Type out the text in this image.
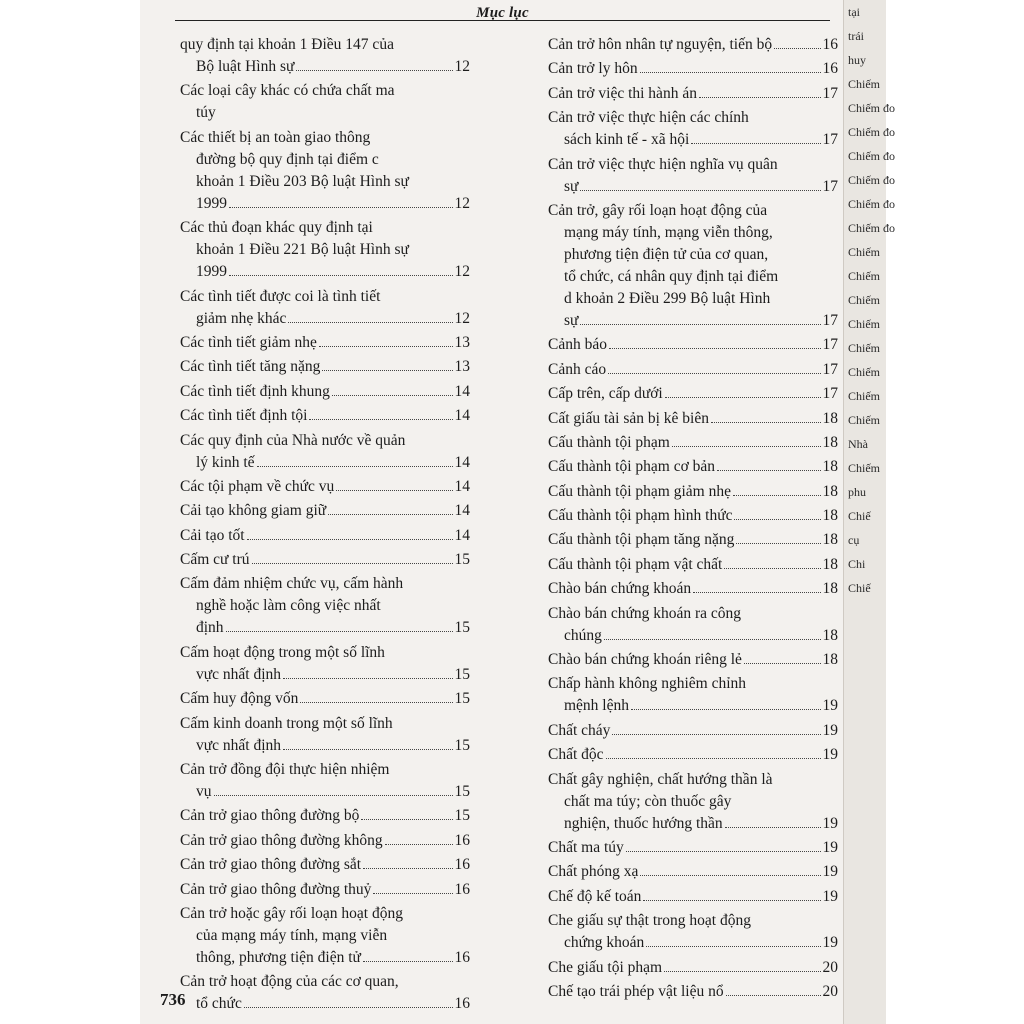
tại
trái
huy
Chiếm
Chiếm đo
Chiếm đo
Chiếm đo
Chiếm đo
Chiếm đo
Chiếm đo
Chiếm
Chiếm
Chiếm
Chiếm
Chiếm
Chiếm
Chiếm
Chiếm
Nhà
Chiếm
phu
Chiế
cụ
Chi
Chiế
Mục lục
quy định tại khoản 1 Điều 147 của
Bộ luật Hình sự	12
Các loại cây khác có chứa chất ma
túy
Các thiết bị an toàn giao thông
đường bộ quy định tại điểm c
khoản 1 Điều 203 Bộ luật Hình sự
1999	12
Các thủ đoạn khác quy định tại
khoản 1 Điều 221 Bộ luật Hình sự
1999	12
Các tình tiết được coi là tình tiết
giảm nhẹ khác	12
Các tình tiết giảm nhẹ	13
Các tình tiết tăng nặng	13
Các tình tiết định khung	14
Các tình tiết định tội	14
Các quy định của Nhà nước về quản
lý kinh tế	14
Các tội phạm về chức vụ	14
Cải tạo không giam giữ	14
Cải tạo tốt	14
Cấm cư trú	15
Cấm đảm nhiệm chức vụ, cấm hành
nghề hoặc làm công việc nhất
định	15
Cấm hoạt động trong một số lĩnh
vực nhất định	15
Cấm huy động vốn	15
Cấm kinh doanh trong một số lĩnh
vực nhất định	15
Cản trở đồng đội thực hiện nhiệm
vụ	15
Cản trở giao thông đường bộ	15
Cản trở giao thông đường không	16
Cản trở giao thông đường sắt	16
Cản trở giao thông đường thuỷ	16
Cản trở hoặc gây rối loạn hoạt động
của mạng máy tính, mạng viễn
thông, phương tiện điện tử	16
Cản trở hoạt động của các cơ quan,
tổ chức	16
Cản trở hôn nhân tự nguyện, tiến bộ	16
Cản trở ly hôn	16
Cản trở việc thi hành án	17
Cản trở việc thực hiện các chính
sách kinh tế - xã hội	17
Cản trở việc thực hiện nghĩa vụ quân
sự	17
Cản trở, gây rối loạn hoạt động của
mạng máy tính, mạng viễn thông,
phương tiện điện tử của cơ quan,
tổ chức, cá nhân quy định tại điểm
d khoản 2 Điều 299 Bộ luật Hình
sự	17
Cảnh báo	17
Cảnh cáo	17
Cấp trên, cấp dưới	17
Cất giấu tài sản bị kê biên	18
Cấu thành tội phạm	18
Cấu thành tội phạm cơ bản	18
Cấu thành tội phạm giảm nhẹ	18
Cấu thành tội phạm hình thức	18
Cấu thành tội phạm tăng nặng	18
Cấu thành tội phạm vật chất	18
Chào bán chứng khoán	18
Chào bán chứng khoán ra công
chúng	18
Chào bán chứng khoán riêng lẻ	18
Chấp hành không nghiêm chỉnh
mệnh lệnh	19
Chất cháy	19
Chất độc	19
Chất gây nghiện, chất hướng thần là
chất ma túy; còn thuốc gây
nghiện, thuốc hướng thần	19
Chất ma túy	19
Chất phóng xạ	19
Chế độ kế toán	19
Che giấu sự thật trong hoạt động
chứng khoán	19
Che giấu tội phạm	20
Chế tạo trái phép vật liệu nổ	20
736
